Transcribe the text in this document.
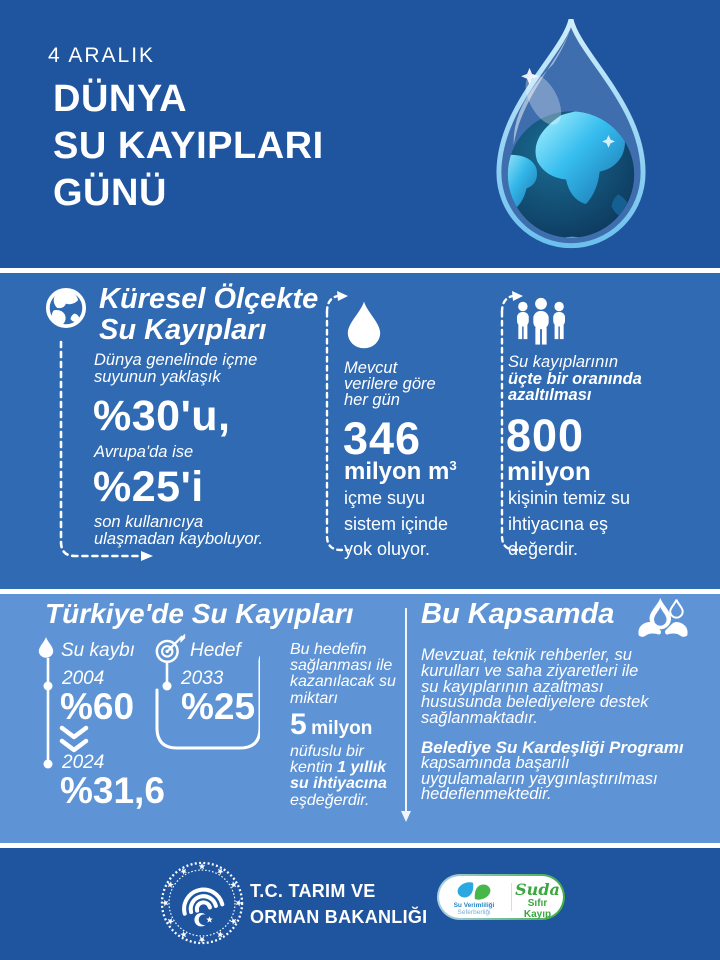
4 ARALIK
DÜNYA
SU KAYIPLARI
GÜNÜ
Küresel Ölçekte
Su Kayıpları
Dünya genelinde içme
suyunun yaklaşık
%30'u,
Avrupa'da ise
%25'i
son kullanıcıya
ulaşmadan kayboluyor.
Mevcut
verilere göre
her gün
346
milyon $m^3$
içme suyu
sistem içinde
yok oluyor.
Su kayıplarının
üçte bir oranında
azaltılması
800
milyon
kişinin temiz su
ihtiyacına eş
değerdir.
Türkiye'de Su Kayıpları
Su kaybı	Hedef
2004
%60
2024
%31,6
2033
%25
Bu hedefin
sağlanması ile
kazanılacak su
miktarı
5 milyon
nüfuslu bir
kentin 1 yıllık
su ihtiyacına
eşdeğerdir.
Bu Kapsamda
Mevzuat, teknik rehberler, su
kurulları ve saha ziyaretleri ile
su kayıplarının azaltması
hususunda belediyelere destek
sağlanmaktadır.
Belediye Su Kardeşliği Programı
kapsamında başarılı
uygulamaların yaygınlaştırılması
hedeflenmektedir.
T.C. TARIM VE
ORMAN BAKANLIĞI
Su Verimliliği
Seferberliği
Suda
Sıfır Kayıp
